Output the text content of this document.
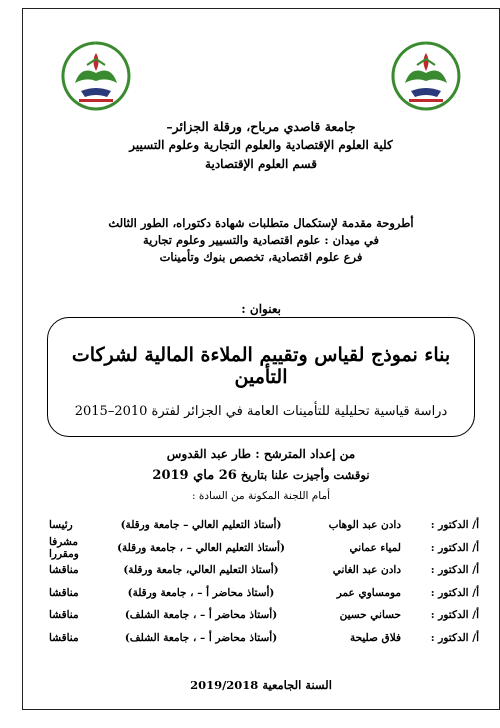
جامعة قاصدي مرباح، ورقلة الجزائر–
كلية العلوم الإقتصادية والعلوم التجارية وعلوم التسيير
قسم العلوم الإقتصادية
أطروحة مقدمة لإستكمال متطلبات شهادة دكتوراه، الطور الثالث
في ميدان : علوم اقتصادية والتسيير وعلوم تجارية
فرع علوم اقتصادية، تخصص بنوك وتأمينات
بعنوان :
بناء نموذج لقياس وتقييم الملاءة المالية لشركات التأمين
دراسة قياسية تحليلية للتأمينات العامة في الجزائر لفترة 2010–2015
من إعداد المترشح : طار عبد القدوس
نوقشت وأجيزت علنا بتاريخ 26 ماي 2019
أمام اللجنة المكونة من السادة :
أ/ الدكتور :
دادن عبد الوهاب
(أستاذ التعليم العالي – جامعة ورقلة)
رئيسا
أ/ الدكتور :
لمياء عماني
(أستاذ التعليم العالي – ، جامعة ورقلة)
مشرفا ومقررا
أ/ الدكتور :
دادن عبد الغاني
(أستاذ التعليم العالي، جامعة ورقلة)
مناقشا
أ/ الدكتور :
مومساوي عمر
(أستاذ محاضر أ – ، جامعة ورقلة)
مناقشا
أ/ الدكتور :
حساني حسين
(أستاذ محاضر أ – ، جامعة الشلف)
مناقشا
أ/ الدكتور :
فلاق صليحة
(أستاذ محاضر أ – ، جامعة الشلف)
مناقشا
السنة الجامعية 2019/2018
